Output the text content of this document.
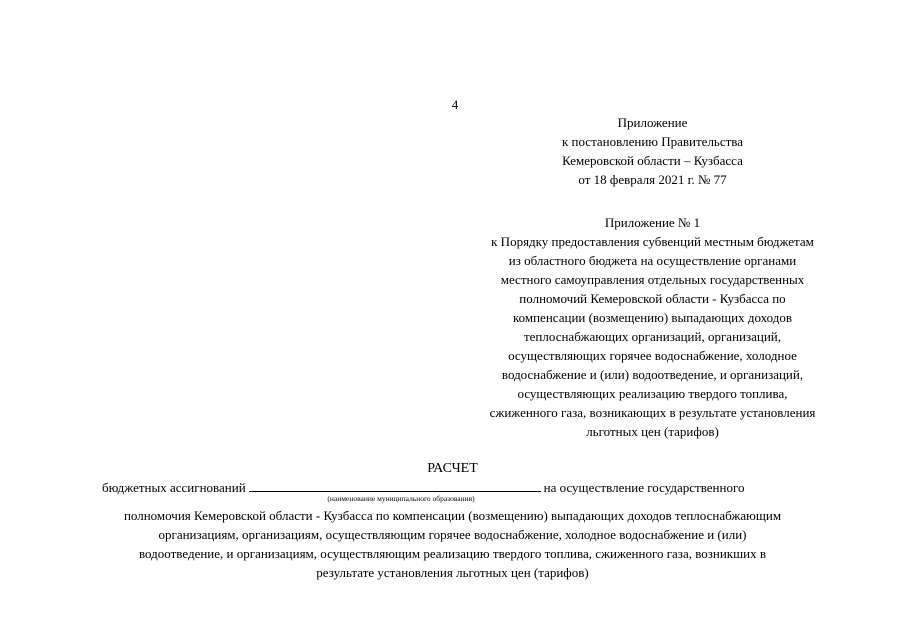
4
Приложение
к постановлению Правительства
Кемеровской области – Кузбасса
от 18 февраля 2021 г. № 77
Приложение № 1
к Порядку предоставления субвенций местным бюджетам
из областного бюджета на осуществление органами
местного самоуправления отдельных государственных
полномочий Кемеровской области - Кузбасса по
компенсации (возмещению) выпадающих доходов
теплоснабжающих организаций, организаций,
осуществляющих горячее водоснабжение, холодное
водоснабжение и (или) водоотведение, и организаций,
осуществляющих реализацию твердого топлива,
сжиженного газа, возникающих в результате установления
льготных цен (тарифов)
РАСЧЕТ
бюджетных ассигнований	на осуществление государственного
(наименование муниципального образования)
полномочия Кемеровской области - Кузбасса по компенсации (возмещению) выпадающих доходов теплоснабжающим
организациям, организациям, осуществляющим горячее водоснабжение, холодное водоснабжение и (или)
водоотведение, и организациям, осуществляющим реализацию твердого топлива, сжиженного газа, возникших в
результате установления льготных цен (тарифов)
